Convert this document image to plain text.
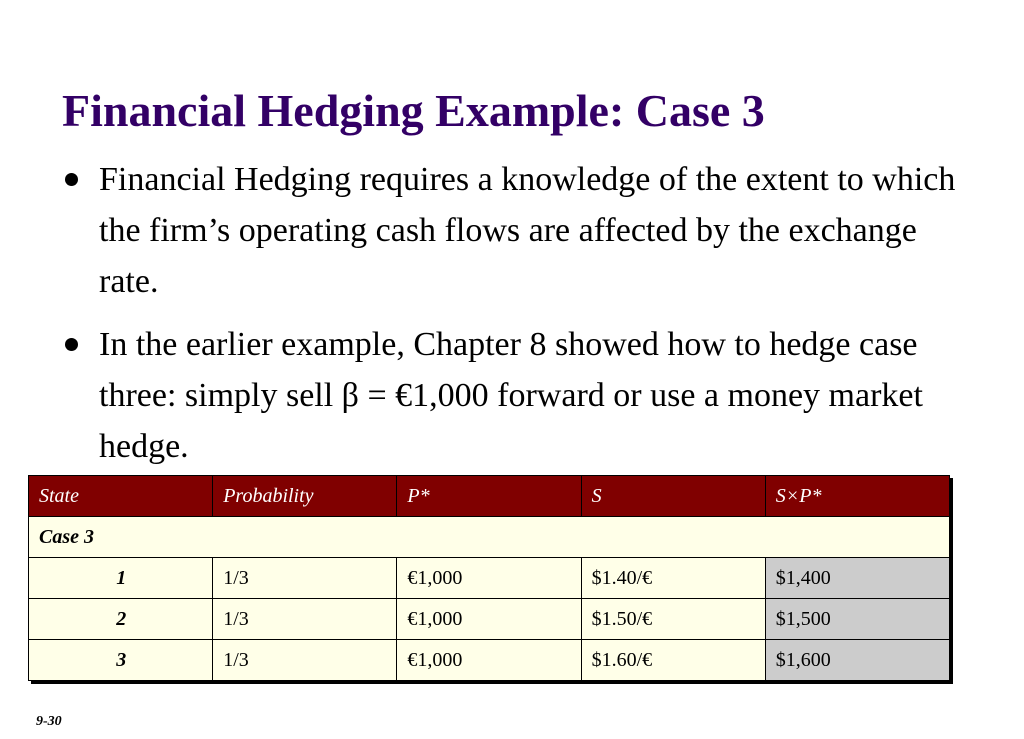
Financial Hedging Example: Case 3
Financial Hedging requires a knowledge of the extent to which the firm’s operating cash flows are affected by the exchange rate.
In the earlier example, Chapter 8 showed how to hedge case three: simply sell β = €1,000 forward or use a money market hedge.
State	Probability	P*	S	S×P*
Case 3				
1	1/3	€1,000	$1.40/€	$1,400
2	1/3	€1,000	$1.50/€	$1,500
3	1/3	€1,000	$1.60/€	$1,600
9-30
